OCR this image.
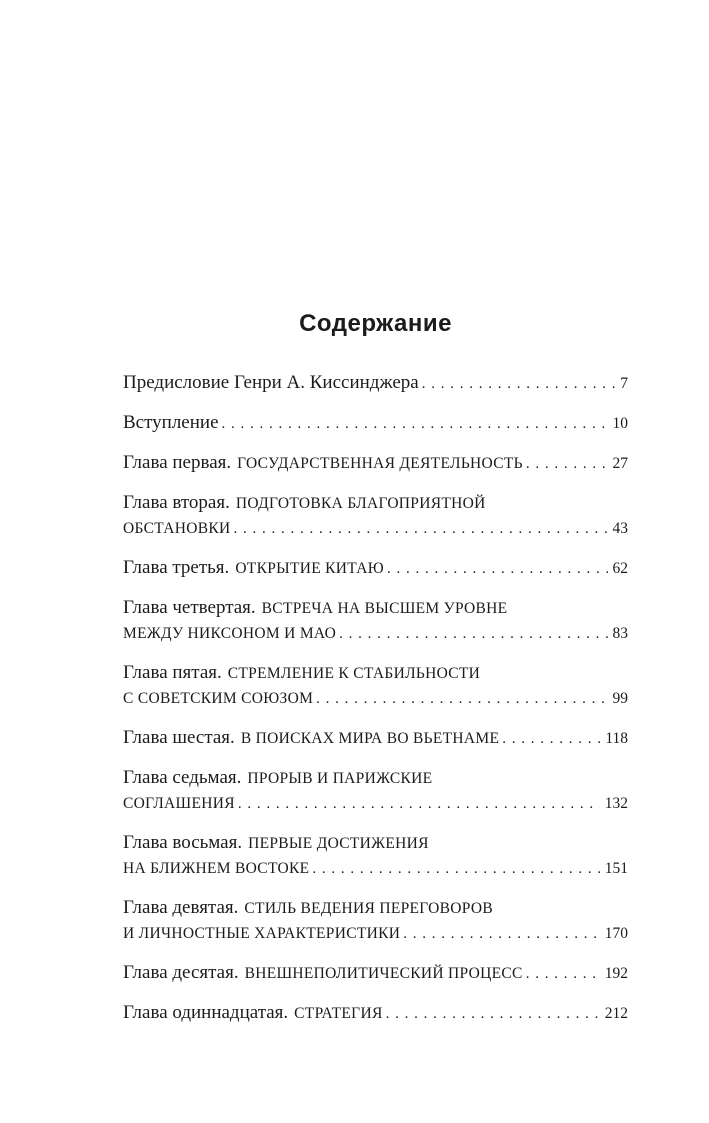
Содержание
Предисловие Генри А. Киссинджера . . .	7
Вступление . . .	10
Глава первая. ГОСУДАРСТВЕННАЯ ДЕЯТЕЛЬНОСТЬ . . .	27
Глава вторая. ПОДГОТОВКА БЛАГОПРИЯТНОЙ
ОБСТАНОВКИ . . .	43
Глава третья. ОТКРЫТИЕ КИТАЮ . . .	62
Глава четвертая. ВСТРЕЧА НА ВЫСШЕМ УРОВНЕ
МЕЖДУ НИКСОНОМ И МАО . . .	83
Глава пятая. СТРЕМЛЕНИЕ К СТАБИЛЬНОСТИ
С СОВЕТСКИМ СОЮЗОМ . . .	99
Глава шестая. В ПОИСКАХ МИРА ВО ВЬЕТНАМЕ . . .	118
Глава седьмая. ПРОРЫВ И ПАРИЖСКИЕ
СОГЛАШЕНИЯ . . .	132
Глава восьмая. ПЕРВЫЕ ДОСТИЖЕНИЯ
НА БЛИЖНЕМ ВОСТОКЕ . . .	151
Глава девятая. СТИЛЬ ВЕДЕНИЯ ПЕРЕГОВОРОВ
И ЛИЧНОСТНЫЕ ХАРАКТЕРИСТИКИ . . .	170
Глава десятая. ВНЕШНЕПОЛИТИЧЕСКИЙ ПРОЦЕСС . . .	192
Глава одиннадцатая. СТРАТЕГИЯ . . .	212
